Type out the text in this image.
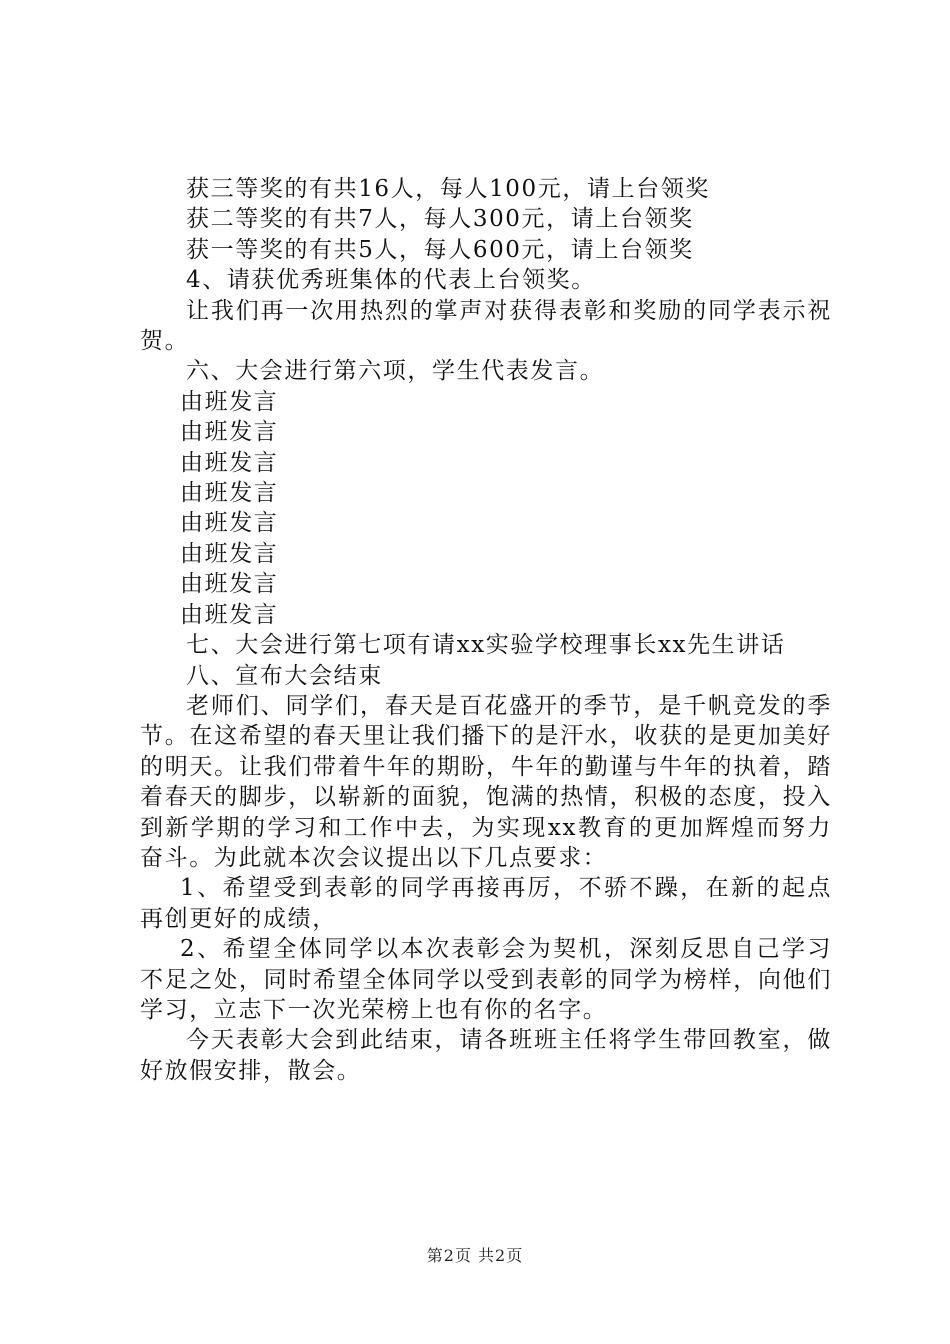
获三等奖的有共16人，每人100元，请上台领奖

获二等奖的有共7人，每人300元，请上台领奖

获一等奖的有共5人，每人600元，请上台领奖

4、请获优秀班集体的代表上台领奖。

让我们再一次用热烈的掌声对获得表彰和奖励的同学表示祝贺。

六、大会进行第六项，学生代表发言。

由班发言

由班发言

由班发言

由班发言

由班发言

由班发言

由班发言

由班发言

七、大会进行第七项有请xx实验学校理事长xx先生讲话

八、宣布大会结束

老师们、同学们，春天是百花盛开的季节，是千帆竞发的季节。在这希望的春天里让我们播下的是汗水，收获的是更加美好的明天。让我们带着牛年的期盼，牛年的勤谨与牛年的执着，踏着春天的脚步，以崭新的面貌，饱满的热情，积极的态度，投入到新学期的学习和工作中去，为实现xx教育的更加辉煌而努力奋斗。为此就本次会议提出以下几点要求：

1、希望受到表彰的同学再接再厉，不骄不躁，在新的起点再创更好的成绩，

2、希望全体同学以本次表彰会为契机，深刻反思自己学习不足之处，同时希望全体同学以受到表彰的同学为榜样，向他们学习，立志下一次光荣榜上也有你的名字。

今天表彰大会到此结束，请各班班主任将学生带回教室，做好放假安排，散会。

第2页 共2页
